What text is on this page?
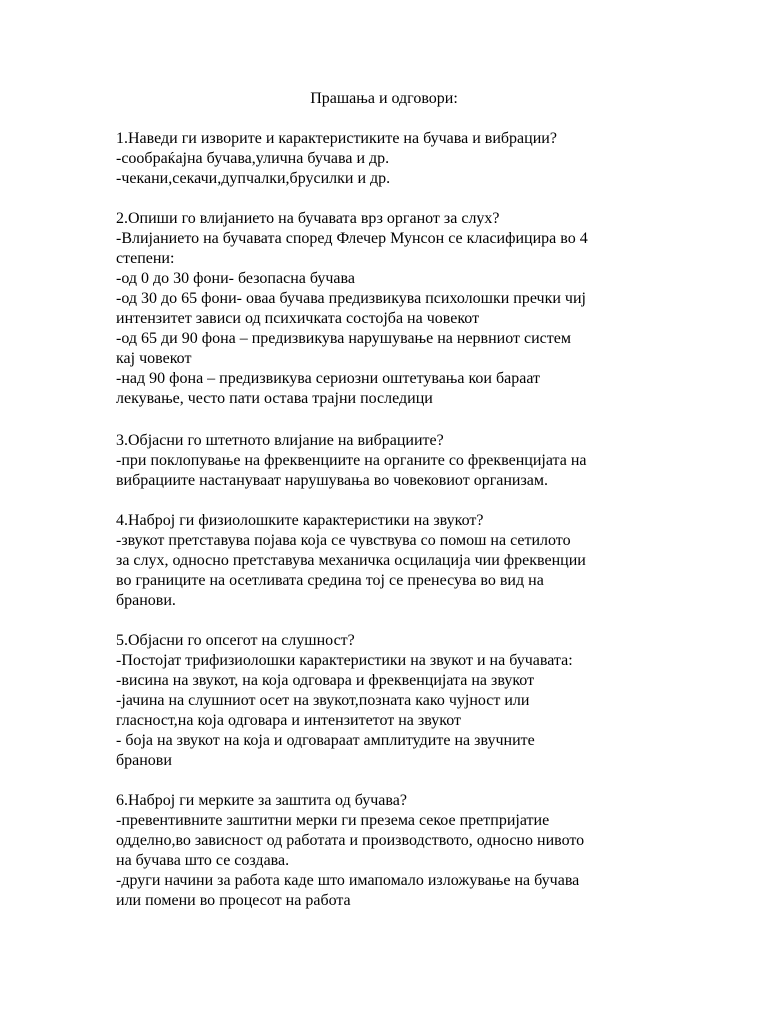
Прашања и одговори:
1.Наведи ги изворите и карактеристиките на бучава и вибрации?
-сообраќајна бучава,улична бучава и др.
-чекани,секачи,дупчалки,брусилки и др.
2.Опиши го влијанието на бучавата врз органот за слух?
-Влијанието на бучавата според Флечер Мунсон се класифицира во 4
степени:
-од 0 до 30 фони- безопасна бучава
-од 30 до 65 фони- оваа бучава предизвикува психолошки пречки чиј
интензитет зависи од психичката состојба на човекот
-од 65 ди 90 фона – предизвикува нарушување на нервниот систем
кај човекот
-над 90 фона – предизвикува сериозни оштетувања кои бараат
лекување, често пати остава трајни последици
3.Објасни го штетното влијание на вибрациите?
-при поклопување на фреквенциите на органите со фреквенцијата на
вибрациите настануваат нарушувања во човековиот организам.
4.Наброј ги физиолошките карактеристики на звукот?
-звукот претставува појава која се чувствува со помош на сетилото
за слух, односно претставува механичка осцилација чии фреквенции
во границите на осетливата средина тој се пренесува во вид на
бранови.
5.Објасни го опсегот на слушност?
-Постојат трифизиолошки карактеристики на звукот и на бучавата:
-висина на звукот, на која одговара и фреквенцијата на звукот
-јачина на слушниот осет на звукот,позната како чујност или
гласност,на која одговара и интензитетот на звукот
- боја на звукот на која и одговараат амплитудите на звучните
бранови
6.Наброј ги мерките за заштита од бучава?
-превентивните заштитни мерки ги презема секое претпријатие
одделно,во зависност од работата и производството, односно нивото
на бучава што се создава.
-други начини за работа каде што имапомало изложување на бучава
или помени во процесот на работа
